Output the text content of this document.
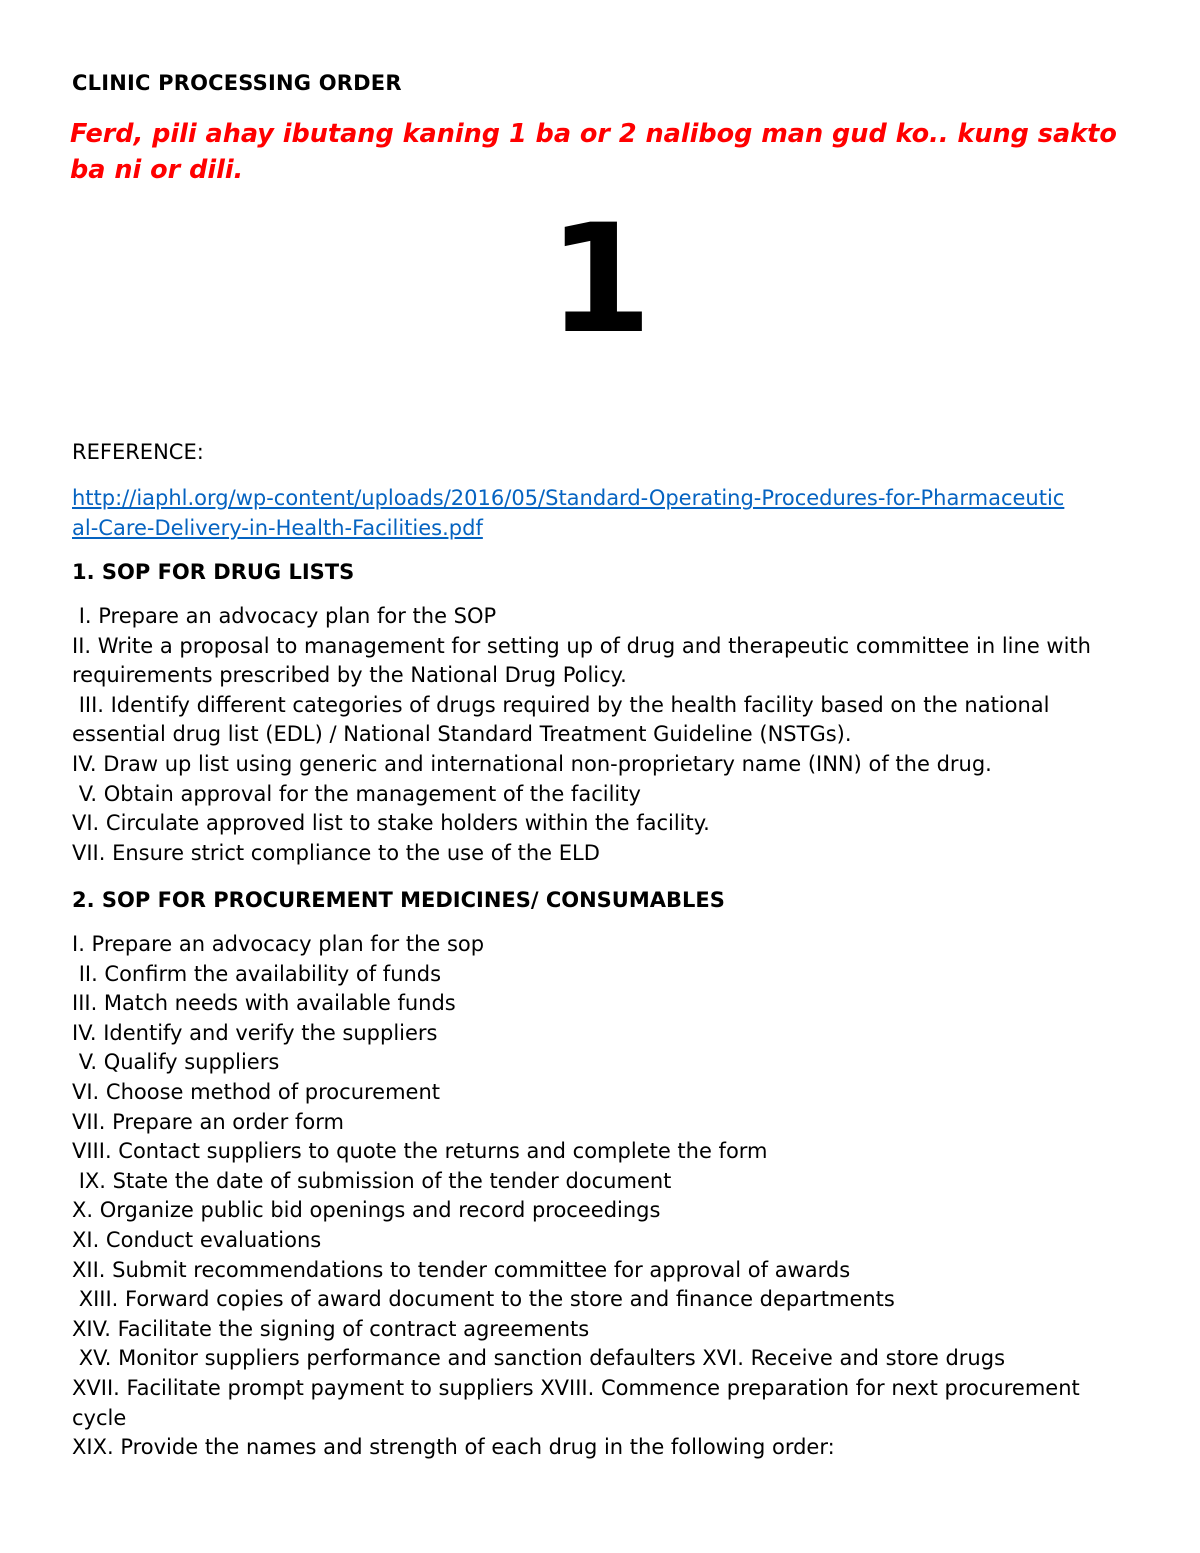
CLINIC PROCESSING ORDER
Ferd, pili ahay ibutang kaning 1 ba or 2 nalibog man gud ko.. kung sakto ba ni or dili.
1
REFERENCE:
http://iaphl.org/wp-content/uploads/2016/05/Standard-Operating-Procedures-for-Pharmaceutical-Care-Delivery-in-Health-Facilities.pdf
1. SOP FOR DRUG LISTS
I. Prepare an advocacy plan for the SOP
II. Write a proposal to management for setting up of drug and therapeutic committee in line with requirements prescribed by the National Drug Policy.
III. Identify different categories of drugs required by the health facility based on the national essential drug list (EDL) / National Standard Treatment Guideline (NSTGs).
IV. Draw up list using generic and international non-proprietary name (INN) of the drug.
V. Obtain approval for the management of the facility
VI. Circulate approved list to stake holders within the facility.
VII. Ensure strict compliance to the use of the ELD
2. SOP FOR PROCUREMENT MEDICINES/ CONSUMABLES
I. Prepare an advocacy plan for the sop
II. Confirm the availability of funds
III. Match needs with available funds
IV. Identify and verify the suppliers
V. Qualify suppliers
VI. Choose method of procurement
VII. Prepare an order form
VIII. Contact suppliers to quote the returns and complete the form
IX. State the date of submission of the tender document
X. Organize public bid openings and record proceedings
XI. Conduct evaluations
XII. Submit recommendations to tender committee for approval of awards
XIII. Forward copies of award document to the store and finance departments
XIV. Facilitate the signing of contract agreements
XV. Monitor suppliers performance and sanction defaulters XVI. Receive and store drugs
XVII. Facilitate prompt payment to suppliers XVIII. Commence preparation for next procurement cycle
XIX. Provide the names and strength of each drug in the following order:
